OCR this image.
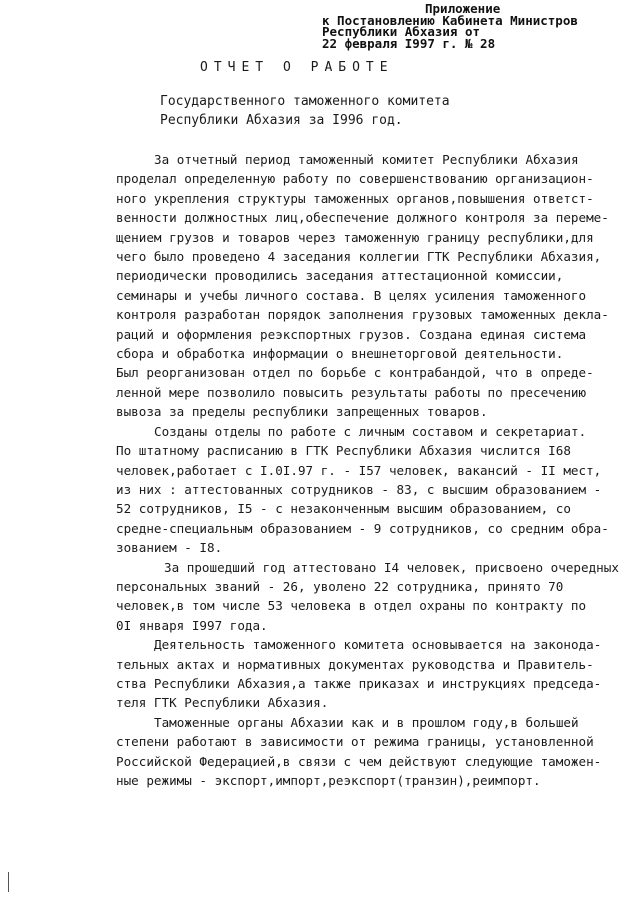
Приложение
к Постановлению Кабинета Министров
Республики Абхазия от
22 февраля I997 г. № 28
ОТЧЕТ О РАБОТЕ
Государственного таможенного комитета
Республики Абхазия за I996 год.
За отчетный период таможенный комитет Республики Абхазия
проделал определенную работу по совершенствованию организацион-
ного укрепления структуры таможенных органов,повышения ответст-
венности должностных лиц,обеспечение должного контроля за переме-
щением грузов и товаров через таможенную границу республики,для
чего было проведено 4 заседания коллегии ГТК Республики Абхазия,
периодически проводились заседания аттестационной комиссии,
семинары и учебы личного состава. В целях усиления таможенного
контроля разработан порядок заполнения грузовых таможенных декла-
раций и оформления реэкспортных грузов. Создана единая система
сбора и обработка информации о внешнеторговой деятельности.
Был реорганизован отдел по борьбе с контрабандой, что в опреде-
ленной мере позволило повысить результаты работы по пресечению
вывоза за пределы республики запрещенных товаров.
Созданы отделы по работе с личным составом и секретариат.
По штатному расписанию в ГТК Республики Абхазия числится I68
человек,работает с I.0I.97 г. - I57 человек, вакансий - II мест,
из них : аттестованных сотрудников - 83, с высшим образованием -
52 сотрудников, I5 - с незаконченным высшим образованием, со
средне-специальным образованием - 9 сотрудников, со средним обра-
зованием - I8.
За прошедший год аттестовано I4 человек, присвоено очередных
персональных званий - 26, уволено 22 сотрудника, принято 70
человек,в том числе 53 человека в отдел охраны по контракту по
0I января I997 года.
Деятельность таможенного комитета основывается на законода-
тельных актах и нормативных документах руководства и Правитель-
ства Республики Абхазия,а также приказах и инструкциях председа-
теля ГТК Республики Абхазия.
Таможенные органы Абхазии как и в прошлом году,в большей
степени работают в зависимости от режима границы, установленной
Российской Федерацией,в связи с чем действуют следующие таможен-
ные режимы - экспорт,импорт,реэкспорт(транзин),реимпорт.
